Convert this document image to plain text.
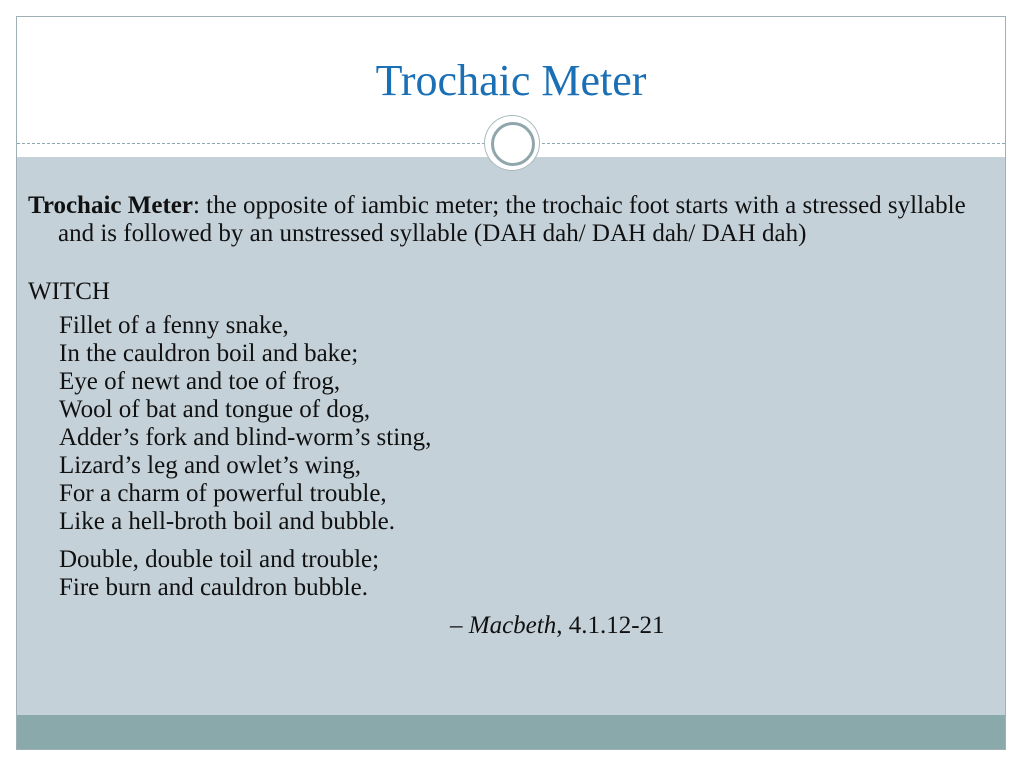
Trochaic Meter
Trochaic Meter: the opposite of iambic meter; the trochaic foot starts with a stressed syllable and is followed by an unstressed syllable (DAH dah/ DAH dah/ DAH dah)
WITCH
Fillet of a fenny snake,
In the cauldron boil and bake;
Eye of newt and toe of frog,
Wool of bat and tongue of dog,
Adder’s fork and blind-worm’s sting,
Lizard’s leg and owlet’s wing,
For a charm of powerful trouble,
Like a hell-broth boil and bubble.
Double, double toil and trouble;
Fire burn and cauldron bubble.
– Macbeth, 4.1.12-21
